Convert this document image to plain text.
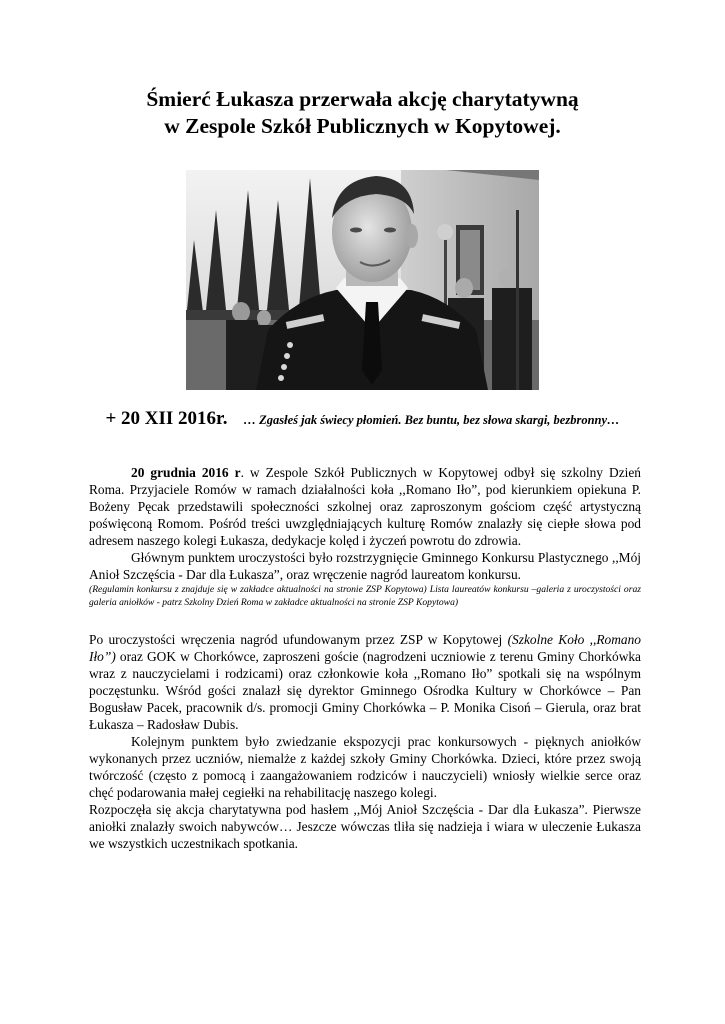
Śmierć Łukasza przerwała akcję charytatywną
w Zespole Szkół Publicznych w Kopytowej.
+ 20 XII 2016r. … Zgasłeś jak świecy płomień. Bez buntu, bez słowa skargi, bezbronny…

20 grudnia 2016 r. w Zespole Szkół Publicznych w Kopytowej odbył się szkolny Dzień Roma. Przyjaciele Romów w ramach działalności koła ,,Romano Iło”, pod kierunkiem opiekuna P. Bożeny Pęcak przedstawili społeczności szkolnej oraz zaproszonym gościom część artystyczną poświęconą Romom. Pośród treści uwzględniających kulturę Romów znalazły się ciepłe słowa pod adresem naszego kolegi Łukasza, dedykacje kolęd i życzeń powrotu do zdrowia.

Głównym punktem uroczystości było rozstrzygnięcie Gminnego Konkursu Plastycznego ,,Mój Anioł Szczęścia - Dar dla Łukasza”, oraz wręczenie nagród laureatom konkursu.

(Regulamin konkursu z znajduje się w zakładce aktualności na stronie ZSP Kopytowa) Lista laureatów konkursu –galeria z uroczystości oraz galeria aniołków - patrz Szkolny Dzień Roma w zakładce aktualności na stronie ZSP Kopytowa)

Po uroczystości wręczenia nagród ufundowanym przez ZSP w Kopytowej (Szkolne Koło ,,Romano Iło”) oraz GOK w Chorkówce, zaproszeni goście (nagrodzeni uczniowie z terenu Gminy Chorkówka wraz z nauczycielami i rodzicami) oraz członkowie koła ,,Romano Iło” spotkali się na wspólnym poczęstunku. Wśród gości znalazł się dyrektor Gminnego Ośrodka Kultury w Chorkówce – Pan Bogusław Pacek, pracownik d/s. promocji Gminy Chorkówka – P. Monika Cisoń – Gierula, oraz brat Łukasza – Radosław Dubis.

Kolejnym punktem było zwiedzanie ekspozycji prac konkursowych - pięknych aniołków wykonanych przez uczniów, niemalże z każdej szkoły Gminy Chorkówka. Dzieci, które przez swoją twórczość (często z pomocą i zaangażowaniem rodziców i nauczycieli) wniosły wielkie serce oraz chęć podarowania małej cegiełki na rehabilitację naszego kolegi.

Rozpoczęła się akcja charytatywna pod hasłem ,,Mój Anioł Szczęścia - Dar dla Łukasza”. Pierwsze aniołki znalazły swoich nabywców… Jeszcze wówczas tliła się nadzieja i wiara w uleczenie Łukasza we wszystkich uczestnikach spotkania.
